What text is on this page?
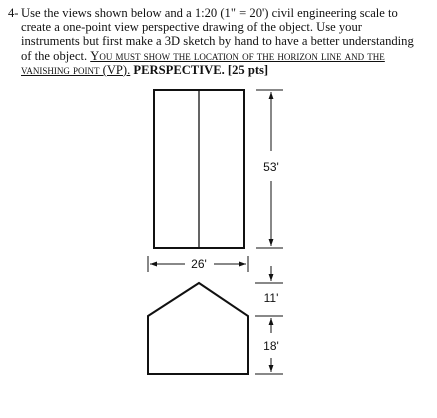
4- Use the views shown below and a 1:20 (1" = 20') civil engineering scale to
create a one-point view perspective drawing of the object. Use your
instruments but first make a 3D sketch by hand to have a better understanding
of the object. You must show the location of the horizon line and the
vanishing point (VP). PERSPECTIVE. [25 pts]
53'
26'
11'
18'
